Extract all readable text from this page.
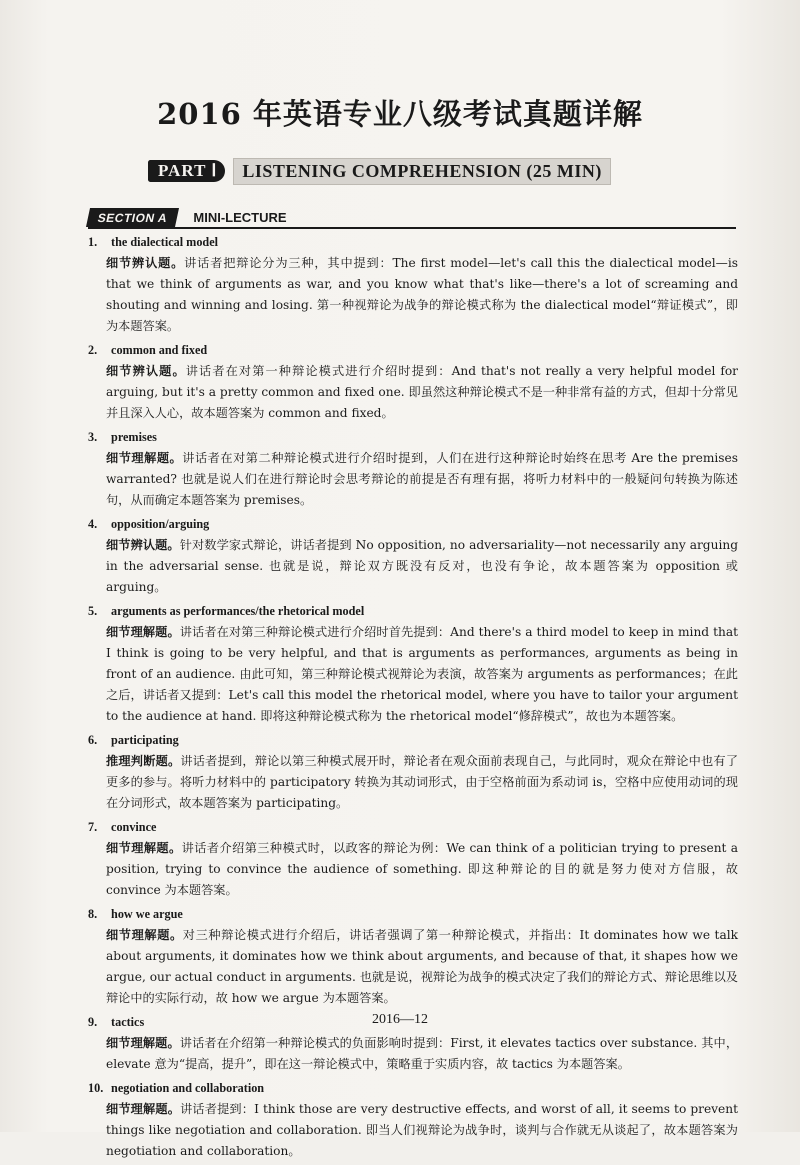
2016 年英语专业八级考试真题详解
PART Ⅰ	LISTENING COMPREHENSION (25 MIN)
SECTION A	MINI-LECTURE
1. the dialectical model
细节辨认题。讲话者把辩论分为三种，其中提到：The first model—let's call this the dialectical model—is that we think of arguments as war, and you know what that's like—there's a lot of screaming and shouting and winning and losing. 第一种视辩论为战争的辩论模式称为 the dialectical model“辩证模式”，即为本题答案。
2. common and fixed
细节辨认题。讲话者在对第一种辩论模式进行介绍时提到：And that's not really a very helpful model for arguing, but it's a pretty common and fixed one. 即虽然这种辩论模式不是一种非常有益的方式，但却十分常见并且深入人心，故本题答案为 common and fixed。
3. premises
细节理解题。讲话者在对第二种辩论模式进行介绍时提到，人们在进行这种辩论时始终在思考 Are the premises warranted? 也就是说人们在进行辩论时会思考辩论的前提是否有理有据，将听力材料中的一般疑问句转换为陈述句，从而确定本题答案为 premises。
4. opposition/arguing
细节辨认题。针对数学家式辩论，讲话者提到 No opposition, no adversariality—not necessarily any arguing in the adversarial sense. 也就是说，辩论双方既没有反对，也没有争论，故本题答案为 opposition 或 arguing。
5. arguments as performances/the rhetorical model
细节理解题。讲话者在对第三种辩论模式进行介绍时首先提到：And there's a third model to keep in mind that I think is going to be very helpful, and that is arguments as performances, arguments as being in front of an audience. 由此可知，第三种辩论模式视辩论为表演，故答案为 arguments as performances；在此之后，讲话者又提到：Let's call this model the rhetorical model, where you have to tailor your argument to the audience at hand. 即将这种辩论模式称为 the rhetorical model“修辞模式”，故也为本题答案。
6. participating
推理判断题。讲话者提到，辩论以第三种模式展开时，辩论者在观众面前表现自己，与此同时，观众在辩论中也有了更多的参与。将听力材料中的 participatory 转换为其动词形式，由于空格前面为系动词 is，空格中应使用动词的现在分词形式，故本题答案为 participating。
7. convince
细节理解题。讲话者介绍第三种模式时，以政客的辩论为例：We can think of a politician trying to present a position, trying to convince the audience of something. 即这种辩论的目的就是努力使对方信服，故 convince 为本题答案。
8. how we argue
细节理解题。对三种辩论模式进行介绍后，讲话者强调了第一种辩论模式，并指出：It dominates how we talk about arguments, it dominates how we think about arguments, and because of that, it shapes how we argue, our actual conduct in arguments. 也就是说，视辩论为战争的模式决定了我们的辩论方式、辩论思维以及辩论中的实际行动，故 how we argue 为本题答案。
9. tactics
细节理解题。讲话者在介绍第一种辩论模式的负面影响时提到：First, it elevates tactics over substance. 其中，elevate 意为“提高，提升”，即在这一辩论模式中，策略重于实质内容，故 tactics 为本题答案。
10. negotiation and collaboration
细节理解题。讲话者提到：I think those are very destructive effects, and worst of all, it seems to prevent things like negotiation and collaboration. 即当人们视辩论为战争时，谈判与合作就无从谈起了，故本题答案为 negotiation and collaboration。
2016—12
